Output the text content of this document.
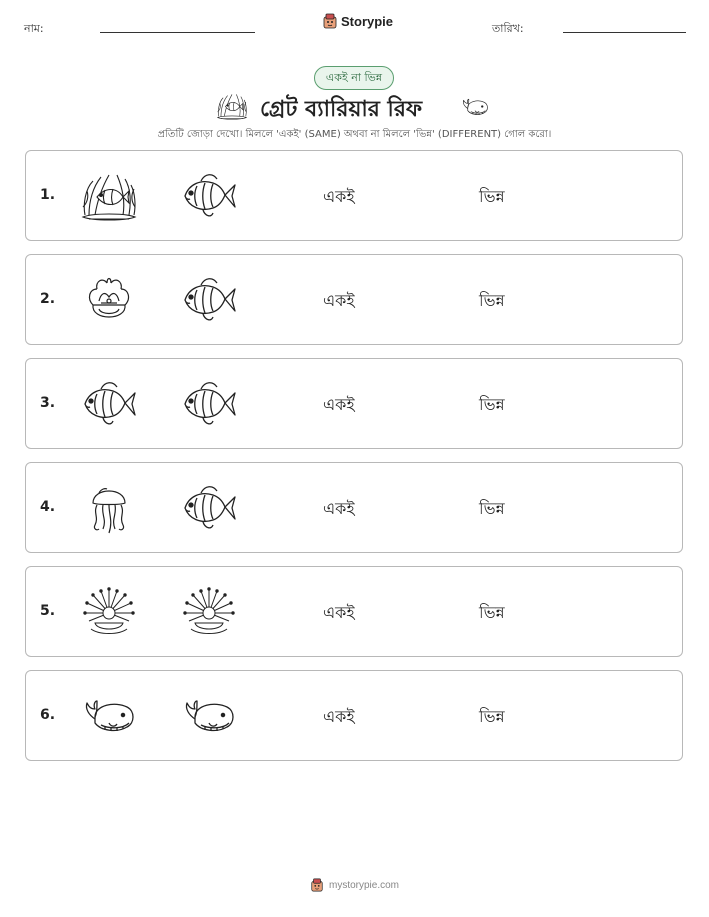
নাম:	Storypie	তারিখ:
একই না ভিন্ন
গ্রেট ব্যারিয়ার রিফ
প্রতিটি জোড়া দেখো। মিললে 'একই' (SAME) অথবা না মিললে 'ভিন্ন' (DIFFERENT) গোল করো।
1.	একই	ভিন্ন
2.	একই	ভিন্ন
3.	একই	ভিন্ন
4.	একই	ভিন্ন
5.	একই	ভিন্ন
6.	একই	ভিন্ন
mystorypie.com
